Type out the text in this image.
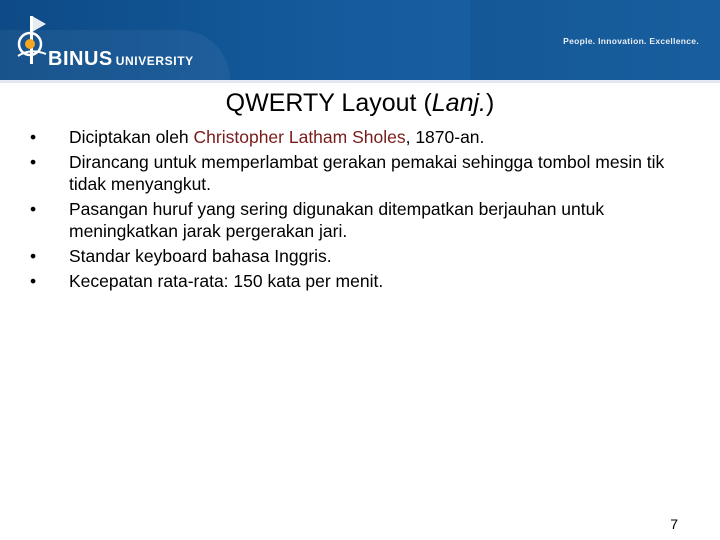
BINUS UNIVERSITY
People. Innovation. Excellence.
QWERTY Layout (Lanj.)
•	Diciptakan oleh Christopher Latham Sholes, 1870-an.
•	Dirancang untuk memperlambat gerakan pemakai sehingga tombol mesin tik tidak menyangkut.
•	Pasangan huruf yang sering digunakan ditempatkan berjauhan untuk meningkatkan jarak pergerakan jari.
•	Standar keyboard bahasa Inggris.
•	Kecepatan rata-rata: 150 kata per menit.
7
